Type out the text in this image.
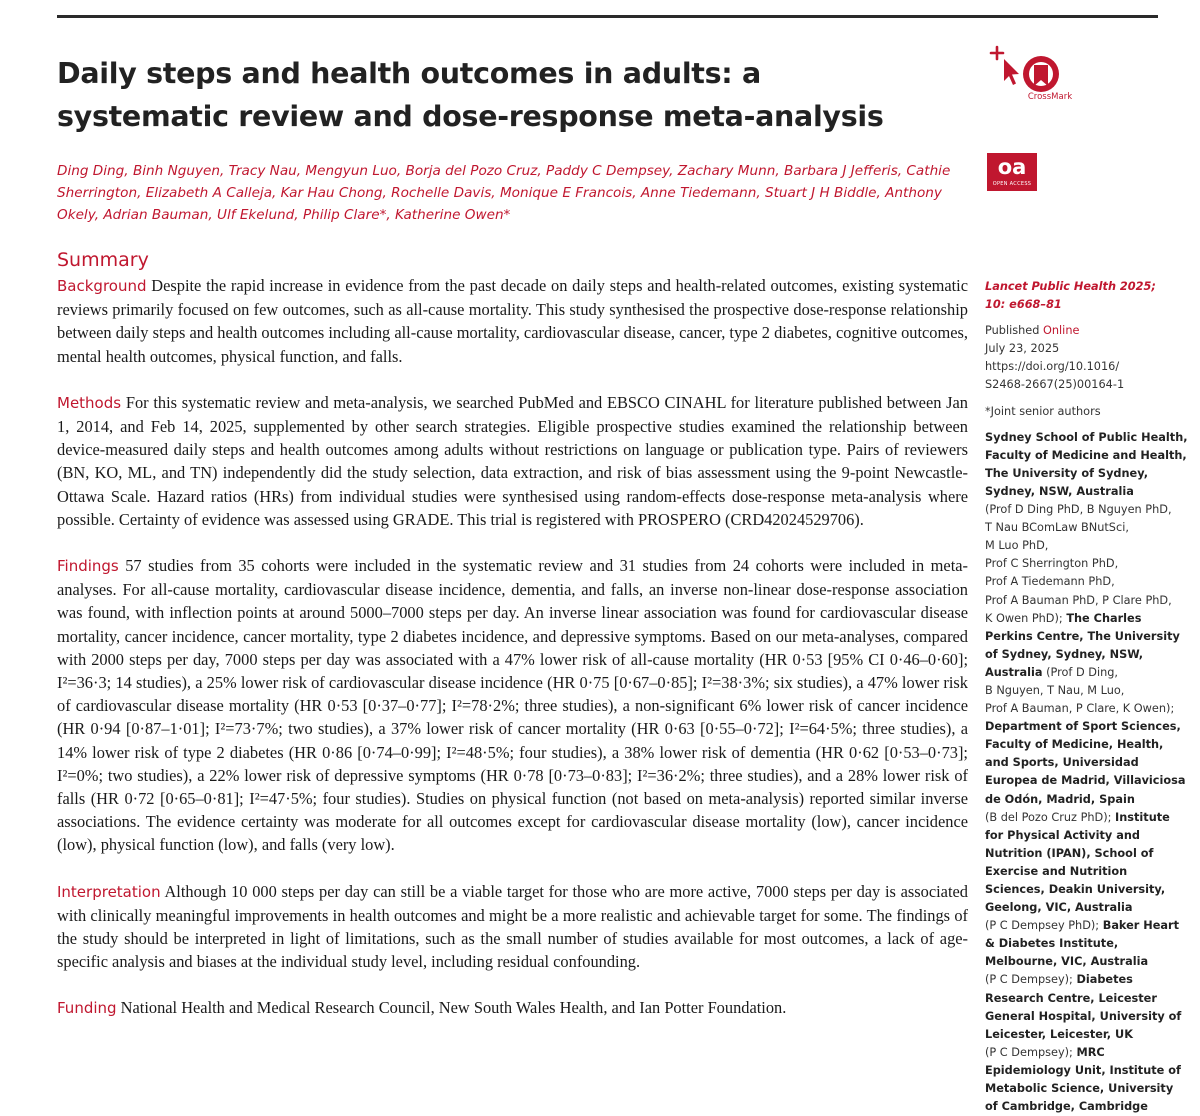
Daily steps and health outcomes in adults: a systematic review and dose-response meta-analysis
Ding Ding, Binh Nguyen, Tracy Nau, Mengyun Luo, Borja del Pozo Cruz, Paddy C Dempsey, Zachary Munn, Barbara J Jefferis, Cathie Sherrington, Elizabeth A Calleja, Kar Hau Chong, Rochelle Davis, Monique E Francois, Anne Tiedemann, Stuart J H Biddle, Anthony Okely, Adrian Bauman, Ulf Ekelund, Philip Clare*, Katherine Owen*
CrossMark
oa
OPEN ACCESS
Summary

Background Despite the rapid increase in evidence from the past decade on daily steps and health-related outcomes, existing systematic reviews primarily focused on few outcomes, such as all-cause mortality. This study synthesised the prospective dose-response relationship between daily steps and health outcomes including all-cause mortality, cardiovascular disease, cancer, type 2 diabetes, cognitive outcomes, mental health outcomes, physical function, and falls.

Methods For this systematic review and meta-analysis, we searched PubMed and EBSCO CINAHL for literature published between Jan 1, 2014, and Feb 14, 2025, supplemented by other search strategies. Eligible prospective studies examined the relationship between device-measured daily steps and health outcomes among adults without restrictions on language or publication type. Pairs of reviewers (BN, KO, ML, and TN) independently did the study selection, data extraction, and risk of bias assessment using the 9-point Newcastle-Ottawa Scale. Hazard ratios (HRs) from individual studies were synthesised using random-effects dose-response meta-analysis where possible. Certainty of evidence was assessed using GRADE. This trial is registered with PROSPERO (CRD42024529706).

Findings 57 studies from 35 cohorts were included in the systematic review and 31 studies from 24 cohorts were included in meta-analyses. For all-cause mortality, cardiovascular disease incidence, dementia, and falls, an inverse non-linear dose-response association was found, with inflection points at around 5000–7000 steps per day. An inverse linear association was found for cardiovascular disease mortality, cancer incidence, cancer mortality, type 2 diabetes incidence, and depressive symptoms. Based on our meta-analyses, compared with 2000 steps per day, 7000 steps per day was associated with a 47% lower risk of all-cause mortality (HR 0·53 [95% CI 0·46–0·60]; I²=36·3; 14 studies), a 25% lower risk of cardiovascular disease incidence (HR 0·75 [0·67–0·85]; I²=38·3%; six studies), a 47% lower risk of cardiovascular disease mortality (HR 0·53 [0·37–0·77]; I²=78·2%; three studies), a non-significant 6% lower risk of cancer incidence (HR 0·94 [0·87–1·01]; I²=73·7%; two studies), a 37% lower risk of cancer mortality (HR 0·63 [0·55–0·72]; I²=64·5%; three studies), a 14% lower risk of type 2 diabetes (HR 0·86 [0·74–0·99]; I²=48·5%; four studies), a 38% lower risk of dementia (HR 0·62 [0·53–0·73]; I²=0%; two studies), a 22% lower risk of depressive symptoms (HR 0·78 [0·73–0·83]; I²=36·2%; three studies), and a 28% lower risk of falls (HR 0·72 [0·65–0·81]; I²=47·5%; four studies). Studies on physical function (not based on meta-analysis) reported similar inverse associations. The evidence certainty was moderate for all outcomes except for cardiovascular disease mortality (low), cancer incidence (low), physical function (low), and falls (very low).

Interpretation Although 10 000 steps per day can still be a viable target for those who are more active, 7000 steps per day is associated with clinically meaningful improvements in health outcomes and might be a more realistic and achievable target for some. The findings of the study should be interpreted in light of limitations, such as the small number of studies available for most outcomes, a lack of age-specific analysis and biases at the individual study level, including residual confounding.

Funding National Health and Medical Research Council, New South Wales Health, and Ian Potter Foundation.

Lancet Public Health 2025;
10: e668–81
Published Online
July 23, 2025
https://doi.org/10.1016/
S2468-2667(25)00164-1
*Joint senior authors
Sydney School of Public Health,
Faculty of Medicine and Health,
The University of Sydney,
Sydney, NSW, Australia
(Prof D Ding PhD, B Nguyen PhD,
T Nau BComLaw BNutSci,
M Luo PhD,
Prof C Sherrington PhD,
Prof A Tiedemann PhD,
Prof A Bauman PhD, P Clare PhD,
K Owen PhD); The Charles
Perkins Centre, The University
of Sydney, Sydney, NSW,
Australia (Prof D Ding,
B Nguyen, T Nau, M Luo,
Prof A Bauman, P Clare, K Owen);
Department of Sport Sciences,
Faculty of Medicine, Health,
and Sports, Universidad
Europea de Madrid, Villaviciosa
de Odón, Madrid, Spain
(B del Pozo Cruz PhD); Institute
for Physical Activity and
Nutrition (IPAN), School of
Exercise and Nutrition
Sciences, Deakin University,
Geelong, VIC, Australia
(P C Dempsey PhD); Baker Heart
& Diabetes Institute,
Melbourne, VIC, Australia
(P C Dempsey); Diabetes
Research Centre, Leicester
General Hospital, University of
Leicester, Leicester, UK
(P C Dempsey); MRC
Epidemiology Unit, Institute of
Metabolic Science, University
of Cambridge, Cambridge
